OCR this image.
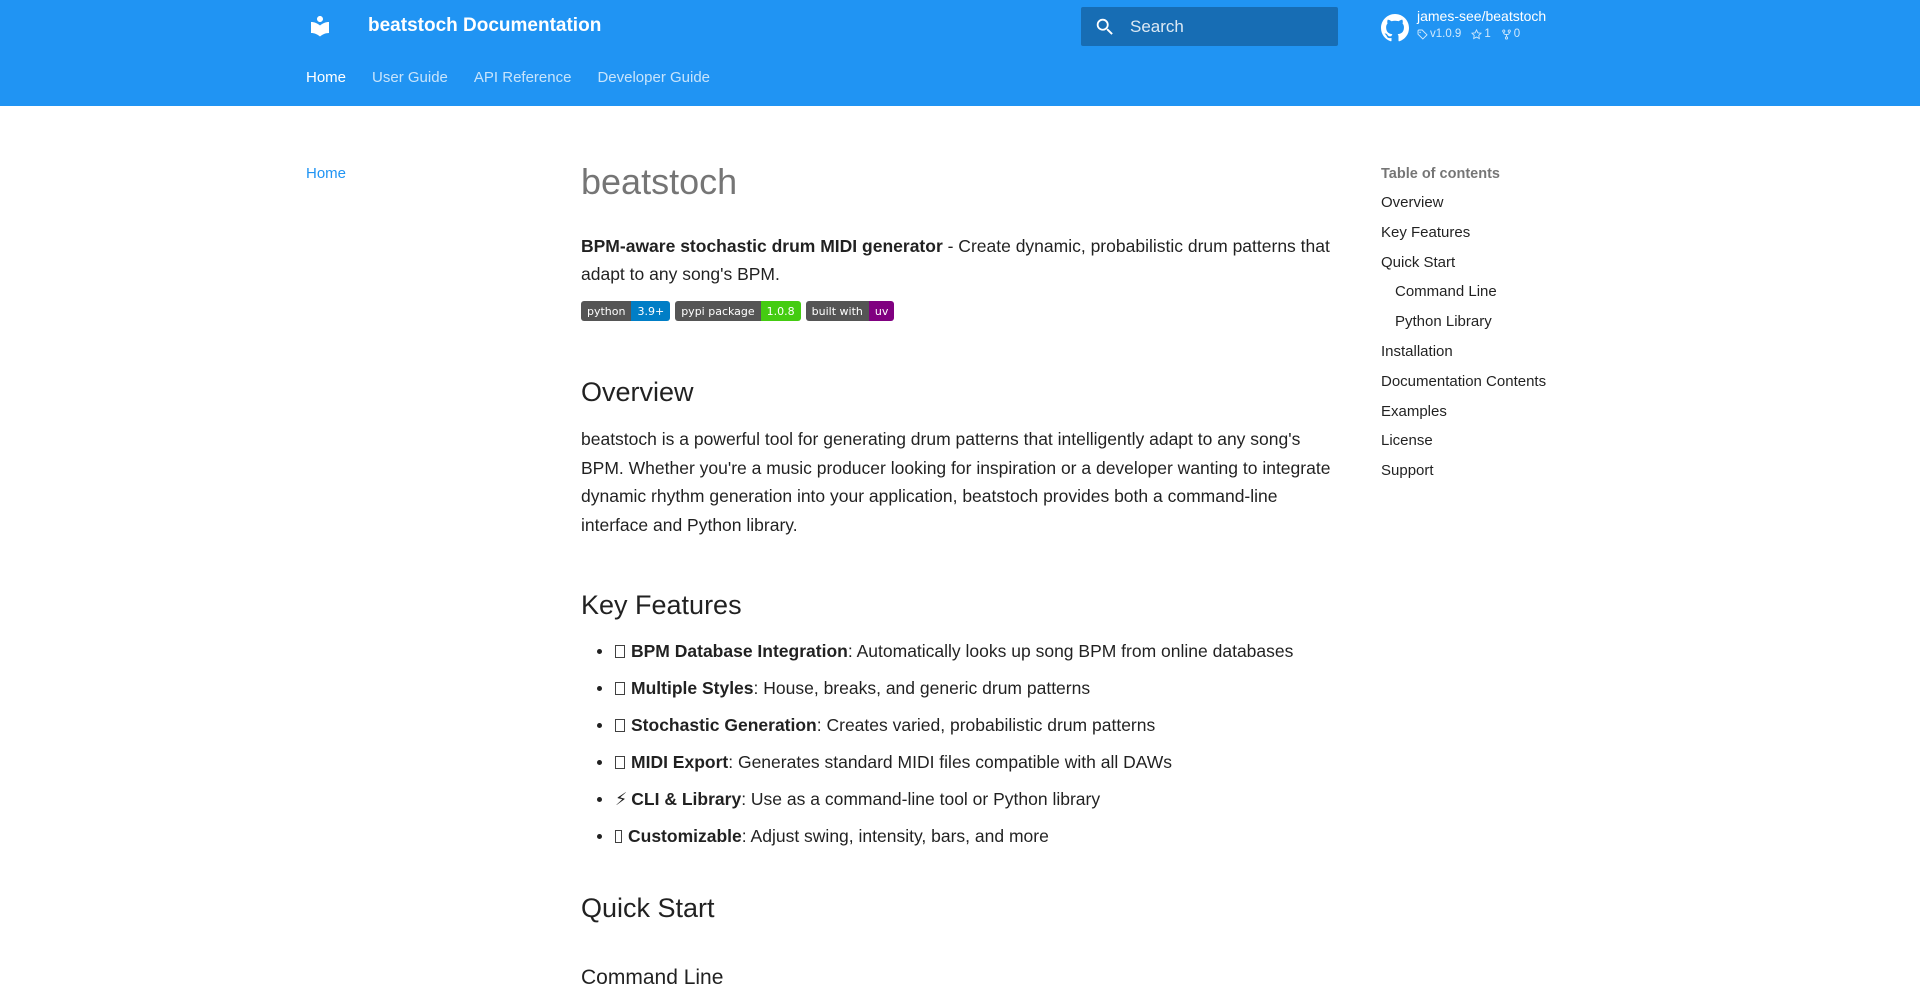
beatstoch Documentation
Search	james-see/beatstoch
v1.0.9 1 0
Home User Guide API Reference Developer Guide
Home	beatstoch

BPM-aware stochastic drum MIDI generator - Create dynamic, probabilistic drum patterns that adapt to any song's BPM.

python	3.9+	pypi package	1.0.8	built with	uv
Overview

beatstoch is a powerful tool for generating drum patterns that intelligently adapt to any song's BPM. Whether you're a music producer looking for inspiration or a developer wanting to integrate dynamic rhythm generation into your application, beatstoch provides both a command-line interface and Python library.

Key Features
BPM Database Integration: Automatically looks up song BPM from online databases
Multiple Styles: House, breaks, and generic drum patterns
Stochastic Generation: Creates varied, probabilistic drum patterns
MIDI Export: Generates standard MIDI files compatible with all DAWs
⚡ CLI & Library: Use as a command-line tool or Python library
Customizable: Adjust swing, intensity, bars, and more
Quick Start
Command Line
Table of contents
Overview
Key Features
Quick Start
Command Line
Python Library
Installation
Documentation Contents
Examples
License
Support
